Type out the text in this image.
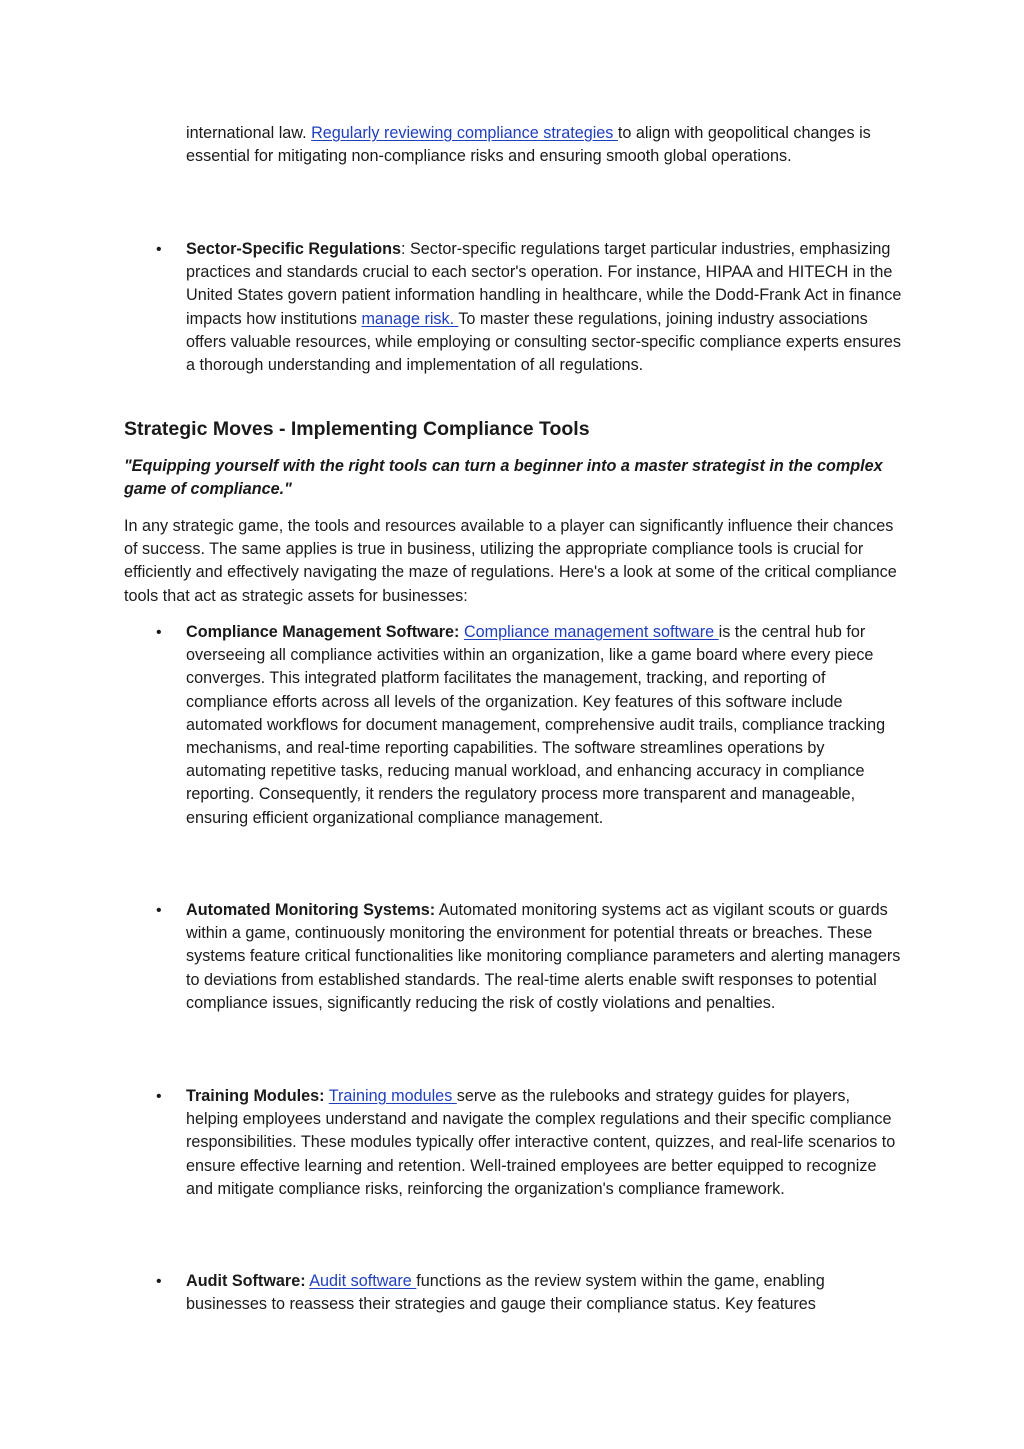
international law. Regularly reviewing compliance strategies to align with geopolitical changes is essential for mitigating non-compliance risks and ensuring smooth global operations.

• Sector-Specific Regulations: Sector-specific regulations target particular industries, emphasizing practices and standards crucial to each sector's operation. For instance, HIPAA and HITECH in the United States govern patient information handling in healthcare, while the Dodd-Frank Act in finance impacts how institutions manage risk. To master these regulations, joining industry associations offers valuable resources, while employing or consulting sector-specific compliance experts ensures a thorough understanding and implementation of all regulations.
Strategic Moves - Implementing Compliance Tools

"Equipping yourself with the right tools can turn a beginner into a master strategist in the complex game of compliance."

In any strategic game, the tools and resources available to a player can significantly influence their chances of success. The same applies is true in business, utilizing the appropriate compliance tools is crucial for efficiently and effectively navigating the maze of regulations. Here's a look at some of the critical compliance tools that act as strategic assets for businesses:

• Compliance Management Software: Compliance management software is the central hub for overseeing all compliance activities within an organization, like a game board where every piece converges. This integrated platform facilitates the management, tracking, and reporting of compliance efforts across all levels of the organization. Key features of this software include automated workflows for document management, comprehensive audit trails, compliance tracking mechanisms, and real-time reporting capabilities. The software streamlines operations by automating repetitive tasks, reducing manual workload, and enhancing accuracy in compliance reporting. Consequently, it renders the regulatory process more transparent and manageable, ensuring efficient organizational compliance management.
• Automated Monitoring Systems: Automated monitoring systems act as vigilant scouts or guards within a game, continuously monitoring the environment for potential threats or breaches. These systems feature critical functionalities like monitoring compliance parameters and alerting managers to deviations from established standards. The real-time alerts enable swift responses to potential compliance issues, significantly reducing the risk of costly violations and penalties.
• Training Modules: Training modules serve as the rulebooks and strategy guides for players, helping employees understand and navigate the complex regulations and their specific compliance responsibilities. These modules typically offer interactive content, quizzes, and real-life scenarios to ensure effective learning and retention. Well-trained employees are better equipped to recognize and mitigate compliance risks, reinforcing the organization's compliance framework.
• Audit Software: Audit software functions as the review system within the game, enabling businesses to reassess their strategies and gauge their compliance status. Key features
